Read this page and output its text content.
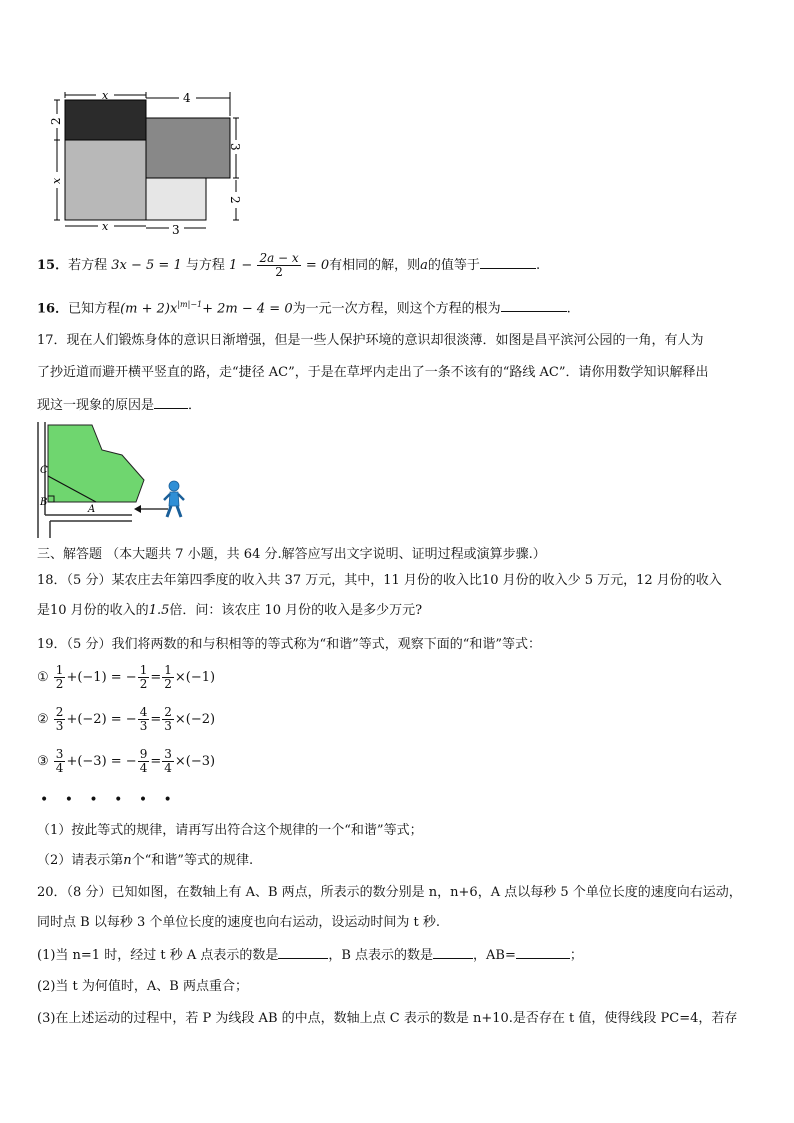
x	4
2
x
3
2
x	3
15．若方程 3x − 5 = 1 与方程 $1 - \frac{2a - x}{2} = 0$有相同的解，则a的值等于	.
16．已知方程$(m + 2)x^{|m|-1}+ 2m - 4 = 0$为一元一次方程，则这个方程的根为	.
17．现在人们锻炼身体的意识日渐增强，但是一些人保护环境的意识却很淡薄．如图是昌平滨河公园的一角，有人为
了抄近道而避开横平竖直的路，走“捷径 AC”，于是在草坪内走出了一条不该有的“路线 AC”．请你用数学知识解释出
现这一现象的原因是	．
C
B
A
三、解答题 （本大题共 7 小题，共 64 分.解答应写出文字说明、证明过程或演算步骤.）
18．（5 分）某农庄去年第四季度的收入共 37 万元，其中，11 月份的收入比10 月份的收入少 5 万元，12 月份的收入
是10 月份的收入的1.5倍．问：该农庄 10 月份的收入是多少万元?
19．（5 分）我们将两数的和与积相等的等式称为“和谐”等式，观察下面的“和谐”等式：
① $\frac{1}{2} +(-1)$ = − $\frac{1}{2} = \frac{1}{2} \times(-1)$
② $\frac{2}{3} +(-2)$ = − $\frac{4}{3} = \frac{2}{3} \times(-2)$
③ $\frac{3}{4} +(-3)$ = − $\frac{9}{4} = \frac{3}{4} \times(-3)$
• • • • • •
（1）按此等式的规律，请再写出符合这个规律的一个“和谐”等式；
（2）请表示第n个“和谐”等式的规律.
20．（8 分）已知如图，在数轴上有 A、B 两点，所表示的数分别是 n，n+6，A 点以每秒 5 个单位长度的速度向右运动，
同时点 B 以每秒 3 个单位长度的速度也向右运动，设运动时间为 t 秒.
(1)当 n=1 时，经过 t 秒 A 点表示的数是	，B 点表示的数是	，AB=	；
(2)当 t 为何值时，A、B 两点重合；
(3)在上述运动的过程中，若 P 为线段 AB 的中点，数轴上点 C 表示的数是 n+10.是否存在 t 值，使得线段 PC=4，若存
